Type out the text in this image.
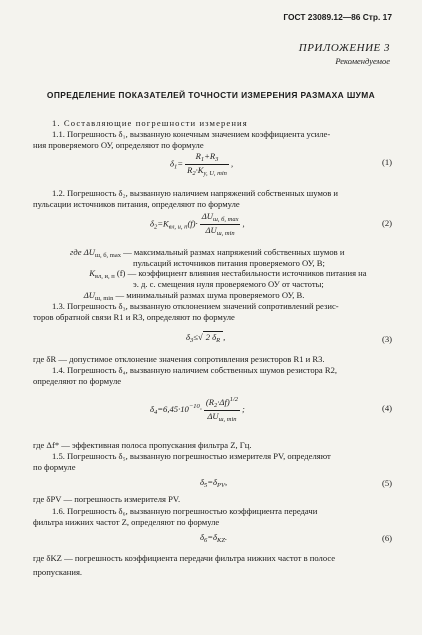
ГОСТ 23089.12—86 Стр. 17
ПРИЛОЖЕНИЕ 3
Рекомендуемое
ОПРЕДЕЛЕНИЕ ПОКАЗАТЕЛЕЙ ТОЧНОСТИ ИЗМЕРЕНИЯ РАЗМАХА ШУМА
1. Составляющие погрешности измерения
1.1. Погрешность δ₁, вызванную конечным значением коэффициента усиле-
ния проверяемого ОУ, определяют по формуле
$\delta_1= \frac{R_1+R_3}{R_2\cdot K_{y, U, min}}$ ,	(1)
1.2. Погрешность δ₂, вызванную наличием напряжений собственных шумов и
пульсации источников питания, определяют по формуле
$\delta_2=K_{вл, и, п}(f)\cdot \frac{\Delta U_{ш, б, max}}{\Delta U_{ш, min}}$ ,	(2)
где $\Delta U_{ш, б, max}$ — максимальный размах напряжений собственных шумов и
пульсаций источников питания проверяемого ОУ, В;
$K_{вл, и, п}$ (f) — коэффициент влияния нестабильности источников питания на
э. д. с. смещения нуля проверяемого ОУ от частоты;
$\Delta U_{ш, min}$ — минимальный размах шума проверяемого ОУ, В.
1.3. Погрешность δ₃, вызванную отклонением значений сопротивлений резис-
торов обратной связи R1 и R3, определяют по формуле
$\delta_3\le√$ 2 $\delta_R$ ,	(3)
где δR — допустимое отклонение значения сопротивления резисторов R1 и R3.
1.4. Погрешность δ₄, вызванную наличием собственных шумов резистора R2,
определяют по формуле
$\delta_4=6,45\cdot 10^{-10}\cdot \frac{(R_2\cdot\Delta f)^{1/2}}{\Delta U_{ш, min}}$ ;	(4)
где Δf* — эффективная полоса пропускания фильтра Z, Гц.
1.5. Погрешность δ₅, вызванную погрешностью измерителя PV, определяют
по формуле
$\delta_5=\delta_{PV}$,	(5)
где δPV — погрешность измерителя PV.
1.6. Погрешность δ₆, вызванную погрешностью коэффициента передачи
фильтра нижних частот Z, определяют по формуле
$\delta_6=\delta_{KZ}$.	(6)
где δKZ — погрешность коэффициента передачи фильтра нижних частот в полосе
пропускания.
